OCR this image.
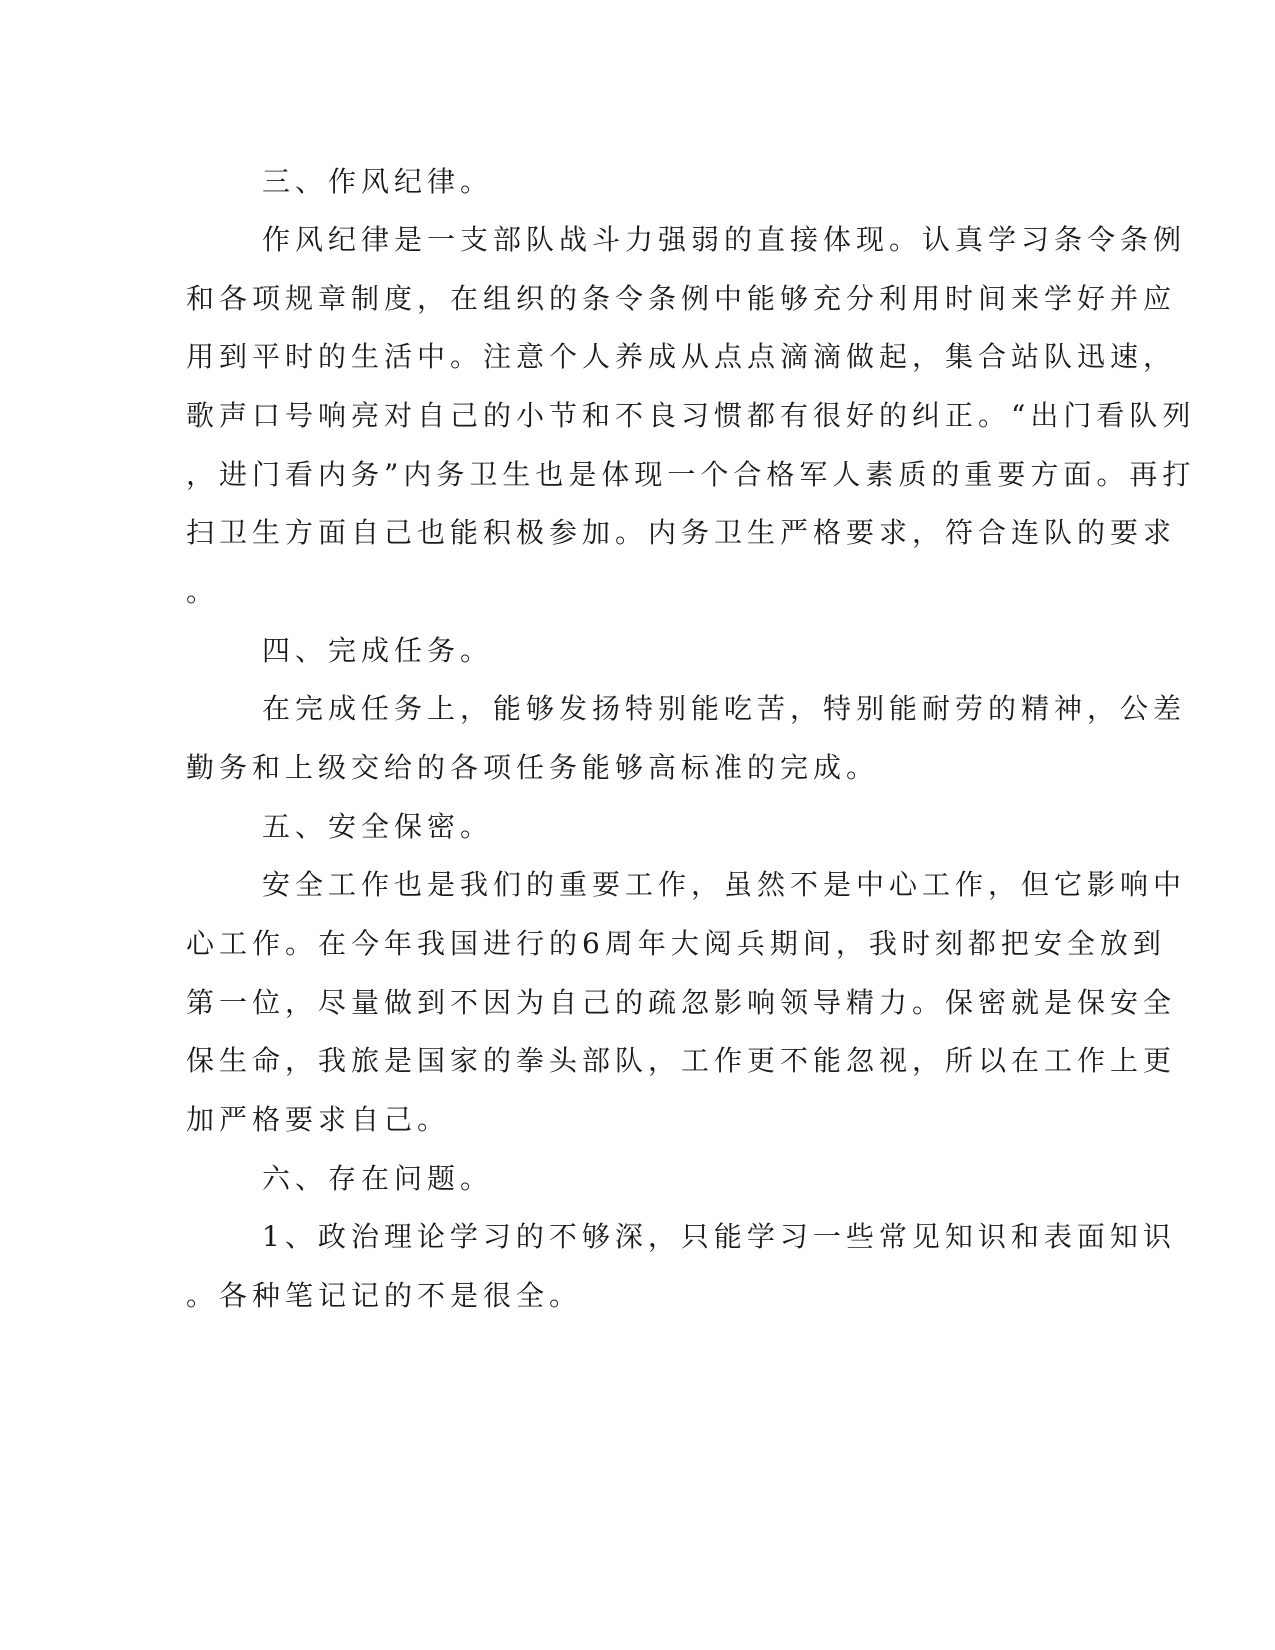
三、作风纪律。
作风纪律是一支部队战斗力强弱的直接体现。认真学习条令条例
和各项规章制度，在组织的条令条例中能够充分利用时间来学好并应
用到平时的生活中。注意个人养成从点点滴滴做起，集合站队迅速，
歌声口号响亮对自己的小节和不良习惯都有很好的纠正。“出门看队列
，进门看内务”内务卫生也是体现一个合格军人素质的重要方面。再打
扫卫生方面自己也能积极参加。内务卫生严格要求，符合连队的要求
。
四、完成任务。
在完成任务上，能够发扬特别能吃苦，特别能耐劳的精神，公差
勤务和上级交给的各项任务能够高标准的完成。
五、安全保密。
安全工作也是我们的重要工作，虽然不是中心工作，但它影响中
心工作。在今年我国进行的6周年大阅兵期间，我时刻都把安全放到
第一位，尽量做到不因为自己的疏忽影响领导精力。保密就是保安全
保生命，我旅是国家的拳头部队，工作更不能忽视，所以在工作上更
加严格要求自己。
六、存在问题。
1、政治理论学习的不够深，只能学习一些常见知识和表面知识
。各种笔记记的不是很全。
